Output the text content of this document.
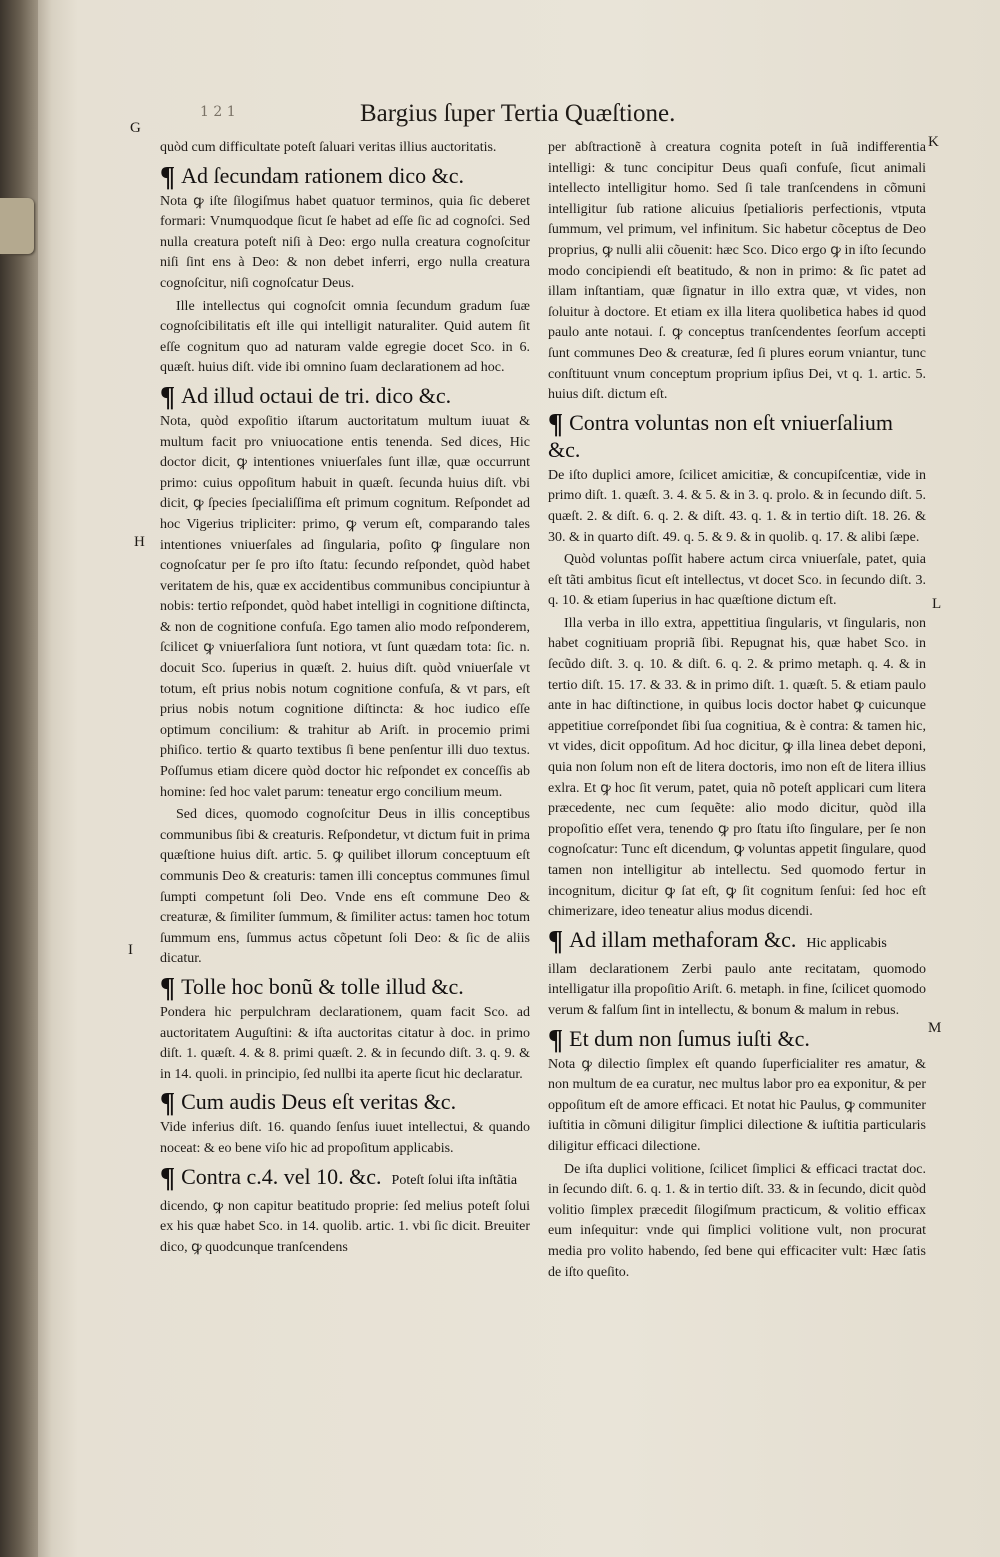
1 2 1	Bargius ſuper Tertia Quæſtione.
G
K
H
L
I
M

quòd cum difficultate poteſt ſaluari veritas illius auctoritatis.

¶ Ad ſecundam rationem dico &c.

Nota ꝙ iſte ſilogiſmus habet quatuor terminos, quia ſic deberet formari: Vnumquodque ſicut ſe habet ad eſſe ſic ad cognoſci. Sed nulla creatura poteſt niſi à Deo: ergo nulla creatura cognoſcitur niſi ſint ens à Deo: & non debet inferri, ergo nulla creatura cognoſcitur, niſi cognoſcatur Deus.

Ille intellectus qui cognoſcit omnia ſecundum gradum ſuæ cognoſcibilitatis eſt ille qui intelligit naturaliter. Quid autem ſit eſſe cognitum quo ad naturam valde egregie docet Sco. in 6. quæſt. huius diſt. vide ibi omnino ſuam declarationem ad hoc.

¶ Ad illud octaui de tri. dico &c.

Nota, quòd expoſitio iſtarum auctoritatum multum iuuat & multum facit pro vniuocatione entis tenenda. Sed dices, Hic doctor dicit, ꝙ intentiones vniuerſales ſunt illæ, quæ occurrunt primo: cuius oppoſitum habuit in quæſt. ſecunda huius diſt. vbi dicit, ꝙ ſpecies ſpecialiſſima eſt primum cognitum. Reſpondet ad hoc Vigerius tripliciter: primo, ꝙ verum eſt, comparando tales intentiones vniuerſales ad ſingularia, poſito ꝙ ſingulare non cognoſcatur per ſe pro iſto ſtatu: ſecundo reſpondet, quòd habet veritatem de his, quæ ex accidentibus communibus concipiuntur à nobis: tertio reſpondet, quòd habet intelligi in cognitione diſtincta, & non de cognitione confuſa. Ego tamen alio modo reſponderem, ſcilicet ꝙ vniuerſaliora ſunt notiora, vt ſunt quædam tota: ſic. n. docuit Sco. ſuperius in quæſt. 2. huius diſt. quòd vniuerſale vt totum, eſt prius nobis notum cognitione confuſa, & vt pars, eſt prius nobis notum cognitione diſtincta: & hoc iudico eſſe optimum concilium: & trahitur ab Ariſt. in procemio primi phiſico. tertio & quarto textibus ſi bene penſentur illi duo textus. Poſſumus etiam dicere quòd doctor hic reſpondet ex conceſſis ab homine: ſed hoc valet parum: teneatur ergo concilium meum.

Sed dices, quomodo cognoſcitur Deus in illis conceptibus communibus ſibi & creaturis. Reſpondetur, vt dictum fuit in prima quæſtione huius diſt. artic. 5. ꝙ quilibet illorum conceptuum eſt communis Deo & creaturis: tamen illi conceptus communes ſimul ſumpti competunt ſoli Deo. Vnde ens eſt commune Deo & creaturæ, & ſimiliter ſummum, & ſimiliter actus: tamen hoc totum ſummum ens, ſummus actus cõpetunt ſoli Deo: & ſic de aliis dicatur.

¶ Tolle hoc bonũ & tolle illud &c.

Pondera hic perpulchram declarationem, quam facit Sco. ad auctoritatem Auguſtini: & iſta auctoritas citatur à doc. in primo diſt. 1. quæſt. 4. & 8. primi quæſt. 2. & in ſecundo diſt. 3. q. 9. & in 14. quoli. in principio, ſed nullbi ita aperte ſicut hic declaratur.

¶ Cum audis Deus eſt veritas &c.

Vide inferius diſt. 16. quando ſenſus iuuet intellectui, & quando noceat: & eo bene viſo hic ad propoſitum applicabis.

¶ Contra c.4. vel 10. &c. Poteſt ſolui iſta inſtãtia

dicendo, ꝙ non capitur beatitudo proprie: ſed melius poteſt ſolui ex his quæ habet Sco. in 14. quolib. artic. 1. vbi ſic dicit. Breuiter dico, ꝙ quodcunque tranſcendens

per abſtractionẽ à creatura cognita poteſt in ſuã indifferentia intelligi: & tunc concipitur Deus quaſi confuſe, ſicut animali intellecto intelligitur homo. Sed ſi tale tranſcendens in cõmuni intelligitur ſub ratione alicuius ſpetialioris perfectionis, vtputa ſummum, vel primum, vel infinitum. Sic habetur cõceptus de Deo proprius, ꝙ nulli alii cõuenit: hæc Sco. Dico ergo ꝙ in iſto ſecundo modo concipiendi eſt beatitudo, & non in primo: & ſic patet ad illam inſtantiam, quæ ſignatur in illo extra quæ, vt vides, non ſoluitur à doctore. Et etiam ex illa litera quolibetica habes id quod paulo ante notaui. ſ. ꝙ conceptus tranſcendentes ſeorſum accepti ſunt communes Deo & creaturæ, ſed ſi plures eorum vniantur, tunc conſtituunt vnum conceptum proprium ipſius Dei, vt q. 1. artic. 5. huius diſt. dictum eſt.

¶ Contra voluntas non eſt vniuerſalium &c.

De iſto duplici amore, ſcilicet amicitiæ, & concupiſcentiæ, vide in primo diſt. 1. quæſt. 3. 4. & 5. & in 3. q. prolo. & in ſecundo diſt. 5. quæſt. 2. & diſt. 6. q. 2. & diſt. 43. q. 1. & in tertio diſt. 18. 26. & 30. & in quarto diſt. 49. q. 5. & 9. & in quolib. q. 17. & alibi ſæpe.

Quòd voluntas poſſit habere actum circa vniuerſale, patet, quia eſt tãti ambitus ſicut eſt intellectus, vt docet Sco. in ſecundo diſt. 3. q. 10. & etiam ſuperius in hac quæſtione dictum eſt.

Illa verba in illo extra, appettitiua ſingularis, vt ſingularis, non habet cognitiuam propriã ſibi. Repugnat his, quæ habet Sco. in ſecũdo diſt. 3. q. 10. & diſt. 6. q. 2. & primo metaph. q. 4. & in tertio diſt. 15. 17. & 33. & in primo diſt. 1. quæſt. 5. & etiam paulo ante in hac diſtinctione, in quibus locis doctor habet ꝙ cuicunque appetitiue correſpondet ſibi ſua cognitiua, & è contra: & tamen hic, vt vides, dicit oppoſitum. Ad hoc dicitur, ꝙ illa linea debet deponi, quia non ſolum non eſt de litera doctoris, imo non eſt de litera illius exlra. Et ꝙ hoc ſit verum, patet, quia nõ poteſt applicari cum litera præcedente, nec cum ſequẽte: alio modo dicitur, quòd illa propoſitio eſſet vera, tenendo ꝙ pro ſtatu iſto ſingulare, per ſe non cognoſcatur: Tunc eſt dicendum, ꝙ voluntas appetit ſingulare, quod tamen non intelligitur ab intellectu. Sed quomodo fertur in incognitum, dicitur ꝙ ſat eſt, ꝙ ſit cognitum ſenſui: ſed hoc eſt chimerizare, ideo teneatur alius modus dicendi.

¶ Ad illam methaforam &c. Hic applicabis

illam declarationem Zerbi paulo ante recitatam, quomodo intelligatur illa propoſitio Ariſt. 6. metaph. in fine, ſcilicet quomodo verum & falſum ſint in intellectu, & bonum & malum in rebus.

¶ Et dum non ſumus iuſti &c.

Nota ꝙ dilectio ſimplex eſt quando ſuperficialiter res amatur, & non multum de ea curatur, nec multus labor pro ea exponitur, & per oppoſitum eſt de amore efficaci. Et notat hic Paulus, ꝙ communiter iuſtitia in cõmuni diligitur ſimplici dilectione & iuſtitia particularis diligitur efficaci dilectione.

De iſta duplici volitione, ſcilicet ſimplici & efficaci tractat doc. in ſecundo diſt. 6. q. 1. & in tertio diſt. 33. & in ſecundo, dicit quòd volitio ſimplex præcedit ſilogiſmum practicum, & volitio efficax eum inſequitur: vnde qui ſimplici volitione vult, non procurat media pro volito habendo, ſed bene qui efficaciter vult: Hæc ſatis de iſto queſito.
